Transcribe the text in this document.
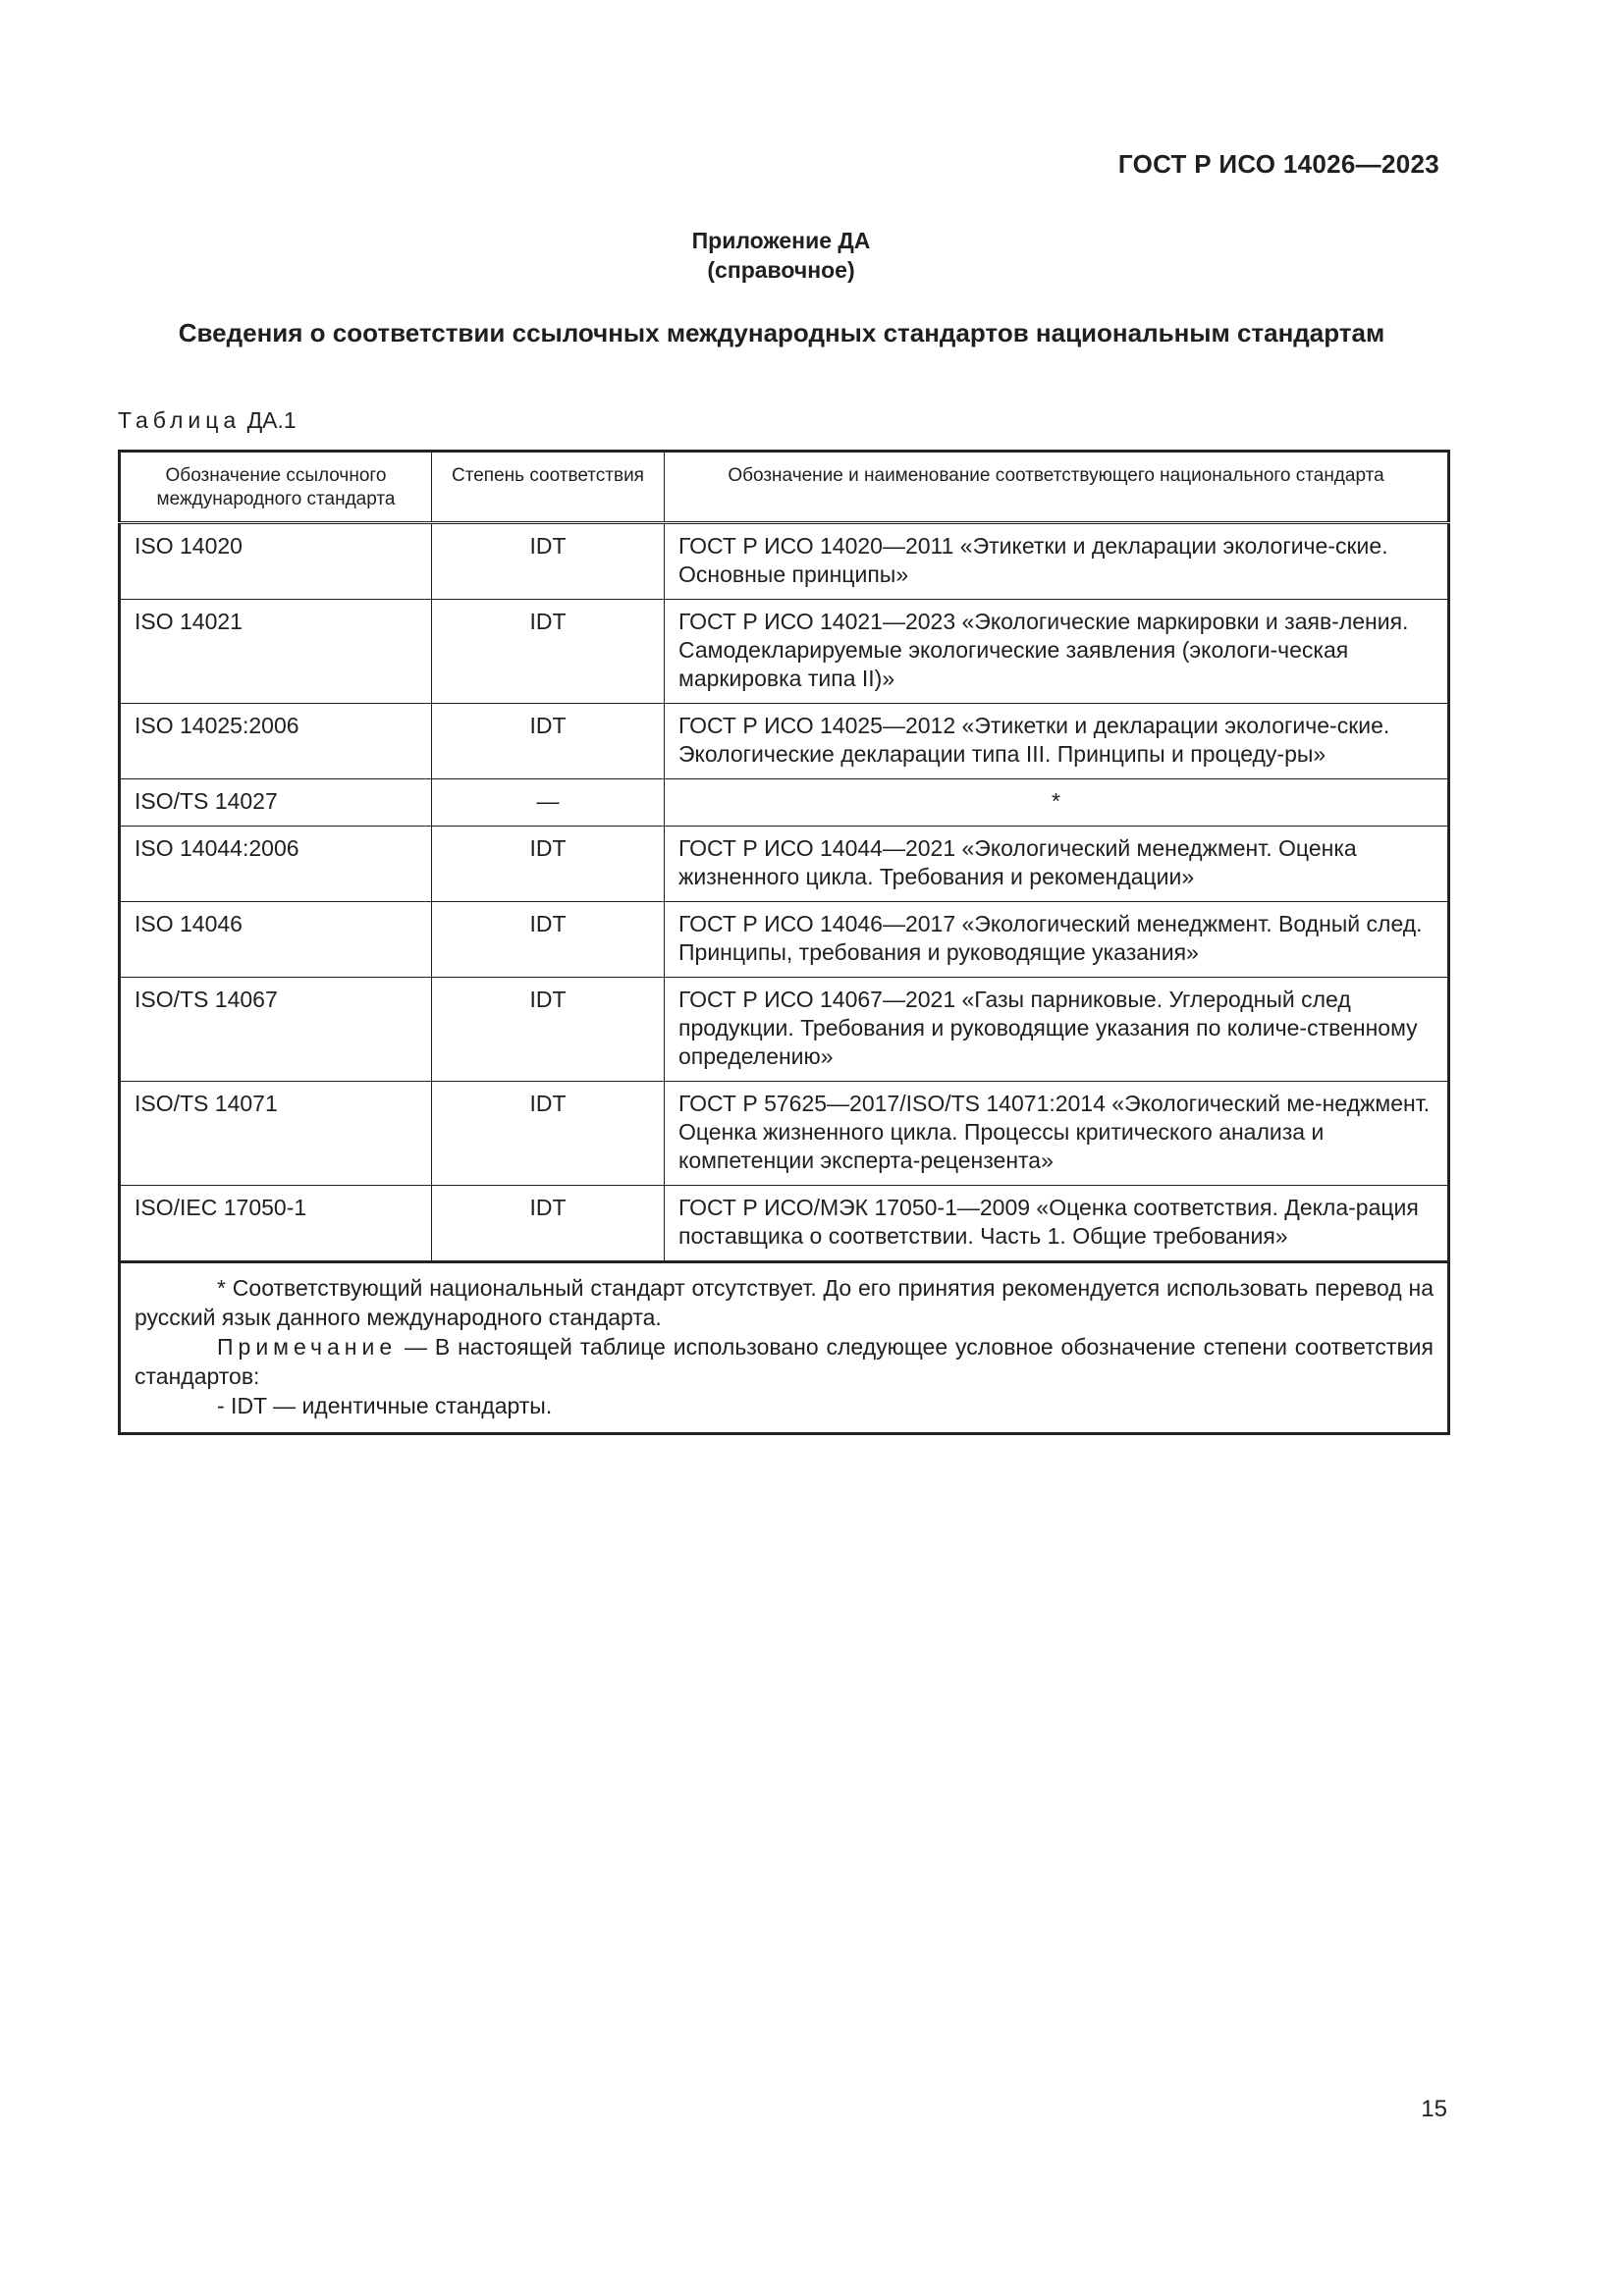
ГОСТ Р ИСО 14026—2023
Приложение ДА
(справочное)
Сведения о соответствии ссылочных международных стандартов национальным стандартам
Таблица ДА.1
Обозначение ссылочного международного стандарта	Степень соответствия	Обозначение и наименование соответствующего национального стандарта
ISO 14020	IDT	ГОСТ Р ИСО 14020—2011 «Этикетки и декларации экологиче-ские. Основные принципы»
ISO 14021	IDT	ГОСТ Р ИСО 14021—2023 «Экологические маркировки и заяв-ления. Самодекларируемые экологические заявления (экологи-ческая маркировка типа II)»
ISO 14025:2006	IDT	ГОСТ Р ИСО 14025—2012 «Этикетки и декларации экологиче-ские. Экологические декларации типа III. Принципы и процеду-ры»
ISO/TS 14027	—	*
ISO 14044:2006	IDT	ГОСТ Р ИСО 14044—2021 «Экологический менеджмент. Оценка жизненного цикла. Требования и рекомендации»
ISO 14046	IDT	ГОСТ Р ИСО 14046—2017 «Экологический менеджмент. Водный след. Принципы, требования и руководящие указания»
ISO/TS 14067	IDT	ГОСТ Р ИСО 14067—2021 «Газы парниковые. Углеродный след продукции. Требования и руководящие указания по количе-ственному определению»
ISO/TS 14071	IDT	ГОСТ Р 57625—2017/ISO/TS 14071:2014 «Экологический ме-неджмент. Оценка жизненного цикла. Процессы критического анализа и компетенции эксперта-рецензента»
ISO/IEC 17050-1	IDT	ГОСТ Р ИСО/МЭК 17050-1—2009 «Оценка соответствия. Декла-рация поставщика о соответствии. Часть 1. Общие требования»

* Соответствующий национальный стандарт отсутствует. До его принятия рекомендуется использовать перевод на русский язык данного международного стандарта.

Примечание — В настоящей таблице использовано следующее условное обозначение степени соответствия стандартов:

- IDT — идентичные стандарты.		

15
